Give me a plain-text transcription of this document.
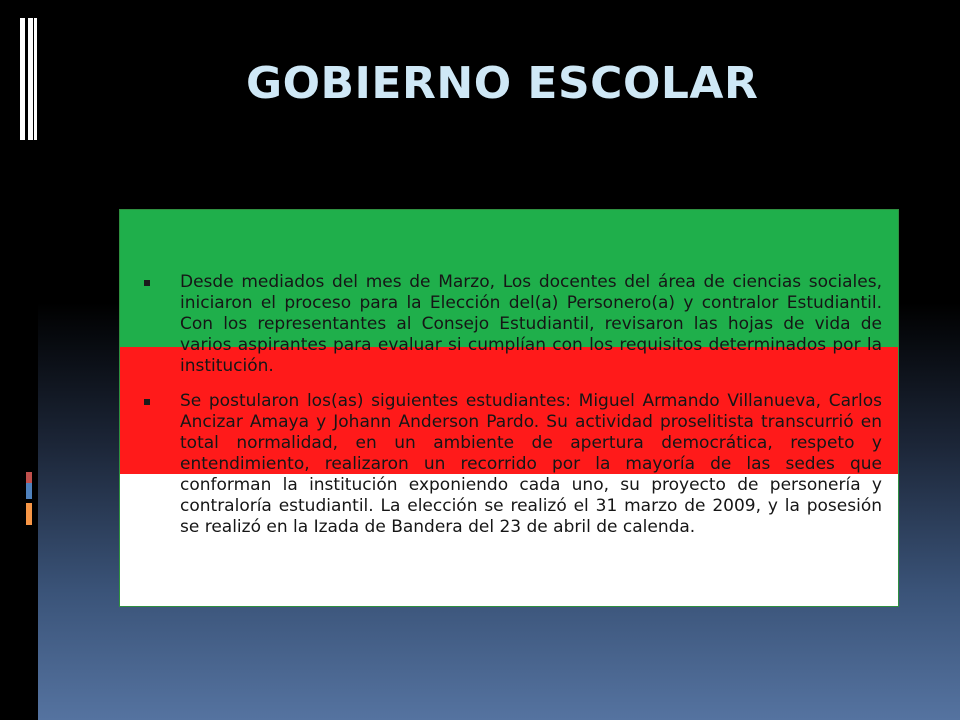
GOBIERNO ESCOLAR
Desde mediados del mes de Marzo, Los docentes del área de ciencias sociales, iniciaron el proceso para la Elección del(a) Personero(a) y contralor Estudiantil. Con los representantes al Consejo Estudiantil, revisaron las hojas de vida de varios aspirantes para evaluar si cumplían con los requisitos determinados por la institución.
Se postularon los(as) siguientes estudiantes: Miguel Armando Villanueva, Carlos Ancizar Amaya y Johann Anderson Pardo. Su actividad proselitista transcurrió en total normalidad, en un ambiente de apertura democrática, respeto y entendimiento, realizaron un recorrido por la mayoría de las sedes que conforman la institución exponiendo cada uno, su proyecto de personería y contraloría estudiantil. La elección se realizó el 31 marzo de 2009, y la posesión se realizó en la Izada de Bandera del 23 de abril de calenda.
